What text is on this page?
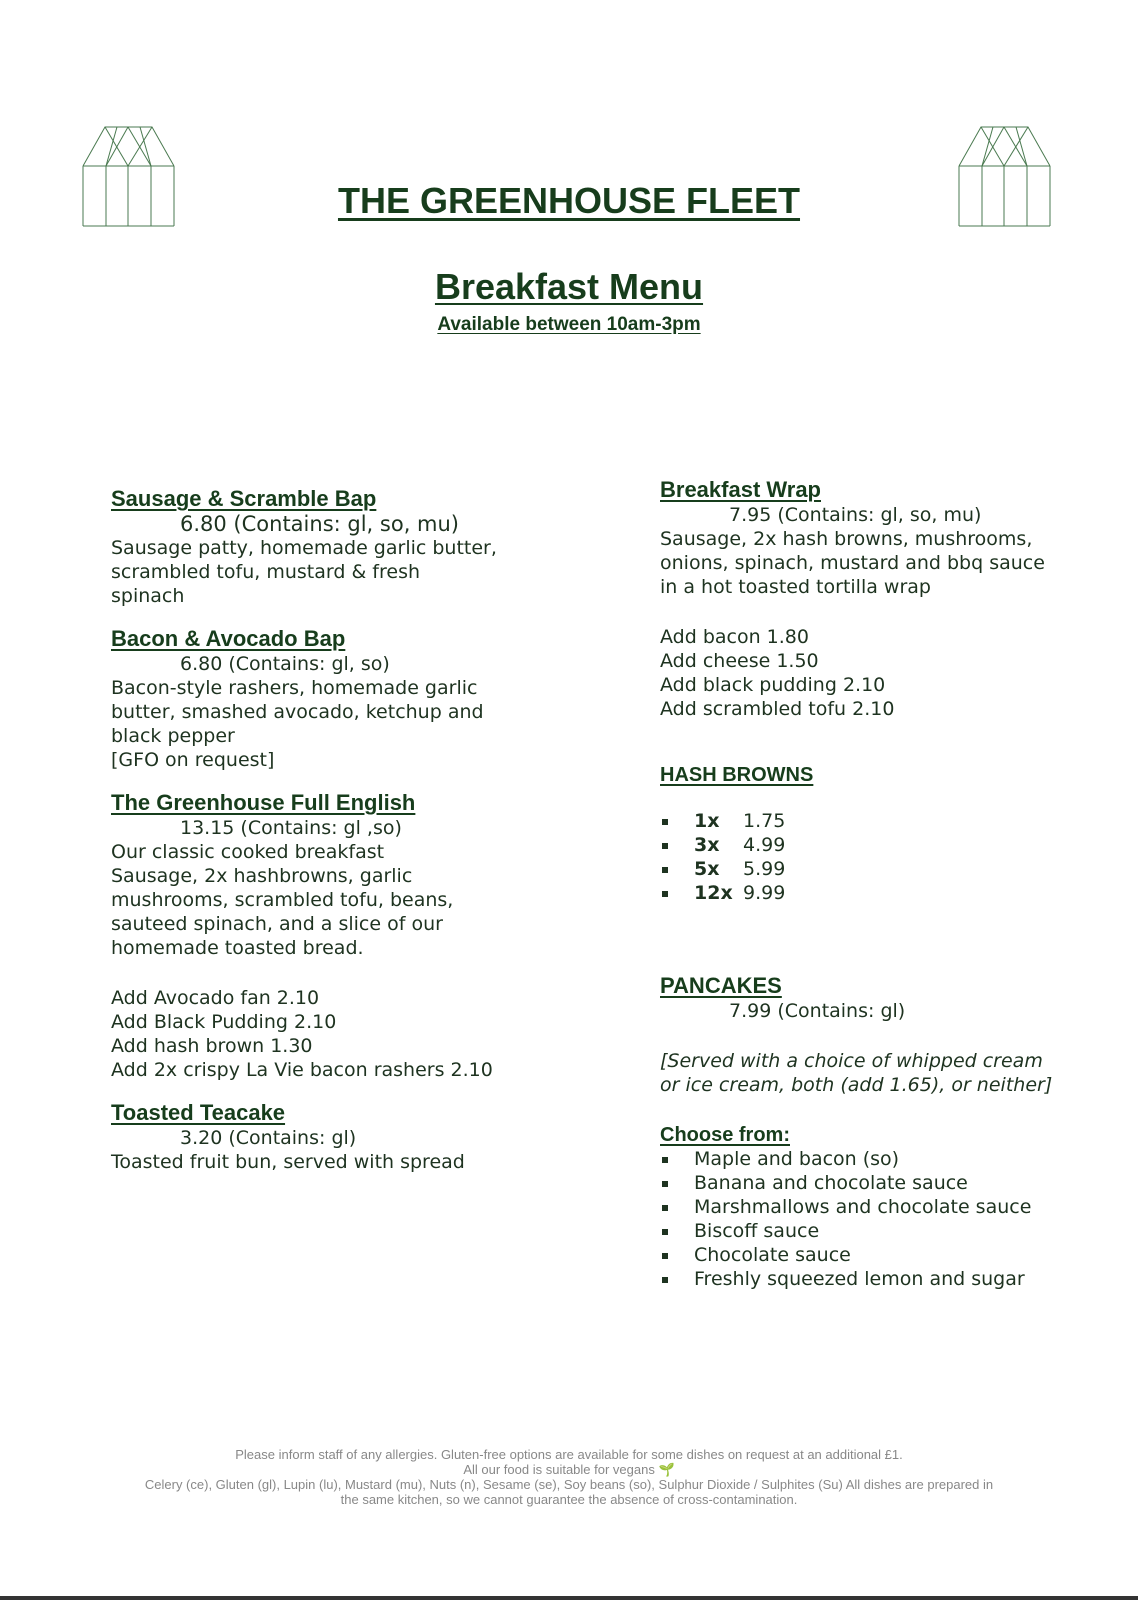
THE GREENHOUSE FLEET
Breakfast Menu
Available between 10am-3pm
Sausage & Scramble Bap
6.80 (Contains: gl, so, mu)
Sausage patty, homemade garlic butter,
scrambled tofu, mustard & fresh
spinach
Bacon & Avocado Bap
6.80 (Contains: gl, so)
Bacon-style rashers, homemade garlic
butter, smashed avocado, ketchup and
black pepper
[GFO on request]
The Greenhouse Full English
13.15 (Contains: gl ,so)
Our classic cooked breakfast
Sausage, 2x hashbrowns, garlic
mushrooms, scrambled tofu, beans,
sauteed spinach, and a slice of our
homemade toasted bread.
Add Avocado fan 2.10
Add Black Pudding 2.10
Add hash brown 1.30
Add 2x crispy La Vie bacon rashers 2.10
Toasted Teacake
3.20 (Contains: gl)
Toasted fruit bun, served with spread
Breakfast Wrap
7.95 (Contains: gl, so, mu)
Sausage, 2x hash browns, mushrooms,
onions, spinach, mustard and bbq sauce
in a hot toasted tortilla wrap
Add bacon 1.80
Add cheese 1.50
Add black pudding 2.10
Add scrambled tofu 2.10
HASH BROWNS
1x 1.75
3x 4.99
5x 5.99
12x 9.99
PANCAKES
7.99 (Contains: gl)
[Served with a choice of whipped cream
or ice cream, both (add 1.65), or neither]
Choose from:
Maple and bacon (so)
Banana and chocolate sauce
Marshmallows and chocolate sauce
Biscoff sauce
Chocolate sauce
Freshly squeezed lemon and sugar
Please inform staff of any allergies. Gluten-free options are available for some dishes on request at an additional £1.
All our food is suitable for vegans 🌱
Celery (ce), Gluten (gl), Lupin (lu), Mustard (mu), Nuts (n), Sesame (se), Soy beans (so), Sulphur Dioxide / Sulphites (Su) All dishes are prepared in
the same kitchen, so we cannot guarantee the absence of cross-contamination.
